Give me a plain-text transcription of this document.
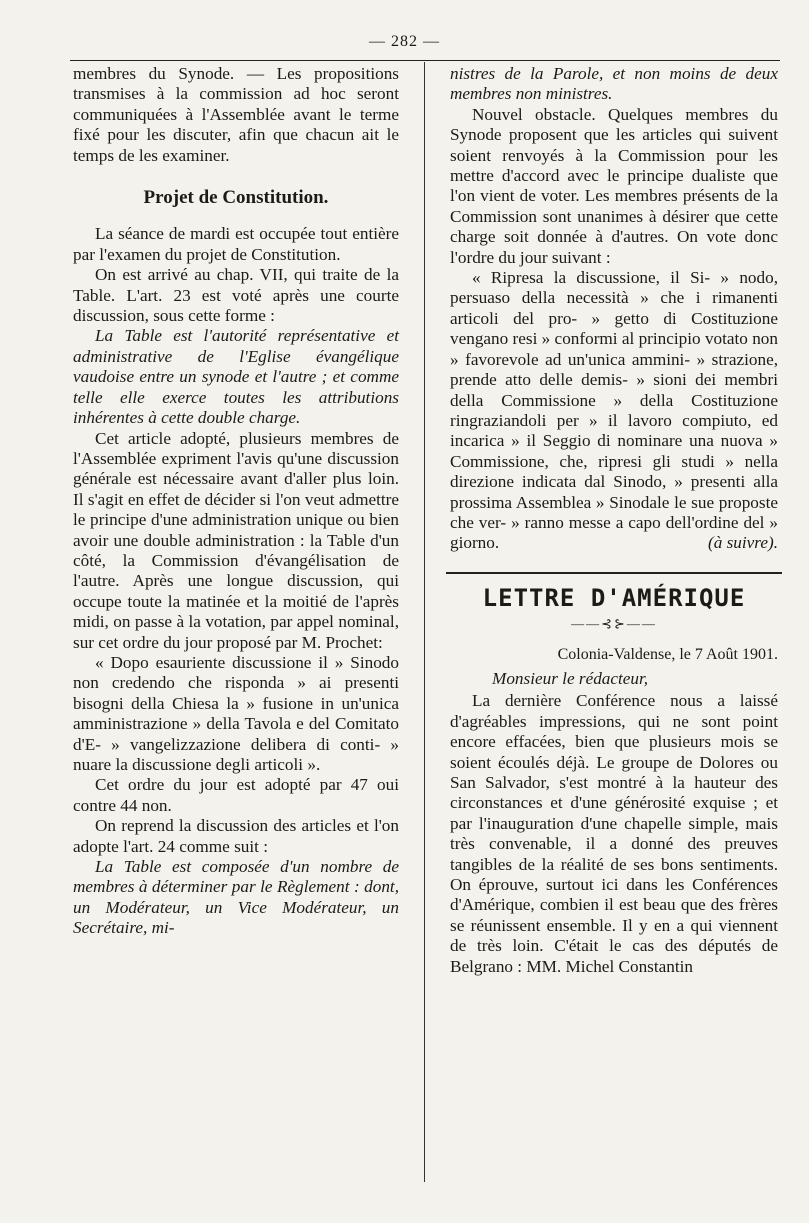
— 282 —

membres du Synode. — Les propositions transmises à la commission ad hoc seront communiquées à l'Assemblée avant le terme fixé pour les discuter, afin que chacun ait le temps de les examiner.

Projet de Constitution.

La séance de mardi est occupée tout entière par l'examen du projet de Constitution.

On est arrivé au chap. VII, qui traite de la Table. L'art. 23 est voté après une courte discussion, sous cette forme :

La Table est l'autorité représentative et administrative de l'Eglise évangélique vaudoise entre un synode et l'autre ; et comme telle elle exerce toutes les attributions inhérentes à cette double charge.

Cet article adopté, plusieurs membres de l'Assemblée expriment l'avis qu'une discussion générale est nécessaire avant d'aller plus loin. Il s'agit en effet de décider si l'on veut admettre le principe d'une administration unique ou bien avoir une double administration : la Table d'un côté, la Commission d'évangélisation de l'autre. Après une longue discussion, qui occupe toute la matinée et la moitié de l'après midi, on passe à la votation, par appel nominal, sur cet ordre du jour proposé par M. Prochet:

« Dopo esauriente discussione il » Sinodo non credendo che risponda » ai presenti bisogni della Chiesa la » fusione in un'unica amministrazione » della Tavola e del Comitato d'E- » vangelizzazione delibera di conti- » nuare la discussione degli articoli ».

Cet ordre du jour est adopté par 47 oui contre 44 non.

On reprend la discussion des articles et l'on adopte l'art. 24 comme suit :

La Table est composée d'un nombre de membres à déterminer par le Règlement : dont, un Modérateur, un Vice Modérateur, un Secrétaire, mi-

nistres de la Parole, et non moins de deux membres non ministres.

Nouvel obstacle. Quelques membres du Synode proposent que les articles qui suivent soient renvoyés à la Commission pour les mettre d'accord avec le principe dualiste que l'on vient de voter. Les membres présents de la Commission sont unanimes à désirer que cette charge soit donnée à d'autres. On vote donc l'ordre du jour suivant :

« Ripresa la discussione, il Si- » nodo, persuaso della necessità » che i rimanenti articoli del pro- » getto di Costituzione vengano resi » conformi al principio votato non » favorevole ad un'unica ammini- » strazione, prende atto delle demis- » sioni dei membri della Commissione » della Costituzione ringraziandoli per » il lavoro compiuto, ed incarica » il Seggio di nominare una nuova » Commissione, che, ripresi gli studi » nella direzione indicata dal Sinodo, » presenti alla prossima Assemblea » Sinodale le sue proposte che ver- » ranno messe a capo dell'ordine del » giorno.	(à suivre).

LETTRE D'AMÉRIQUE
——⊰⊱——
Colonia-Valdense, le 7 Août 1901.
Monsieur le rédacteur,

La dernière Conférence nous a laissé d'agréables impressions, qui ne sont point encore effacées, bien que plusieurs mois se soient écoulés déjà. Le groupe de Dolores ou San Salvador, s'est montré à la hauteur des circonstances et d'une générosité exquise ; et par l'inauguration d'une chapelle simple, mais très convenable, il a donné des preuves tangibles de la réalité de ses bons sentiments. On éprouve, surtout ici dans les Conférences d'Amérique, combien il est beau que des frères se réunissent ensemble. Il y en a qui viennent de très loin. C'était le cas des députés de Belgrano : MM. Michel Constantin
